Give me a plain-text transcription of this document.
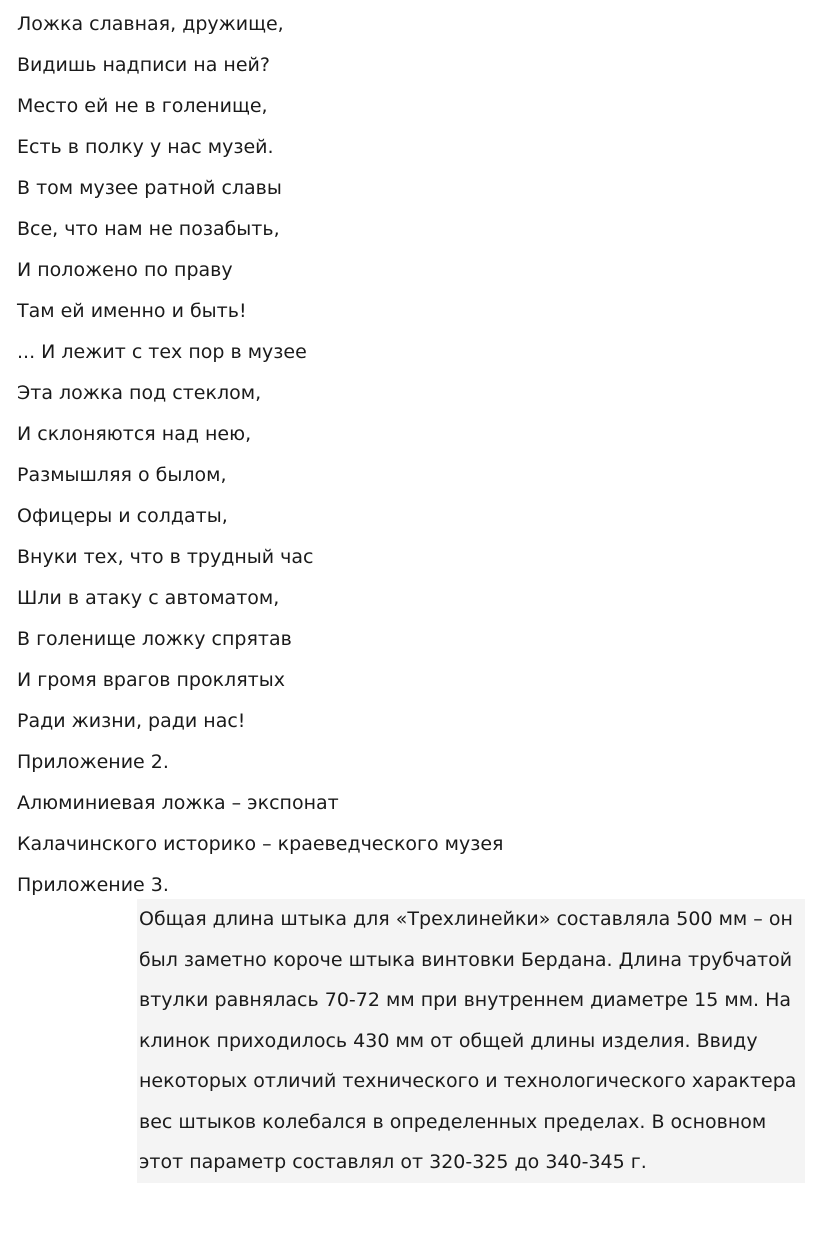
Ложка славная, дружище,
Видишь надписи на ней?
Место ей не в голенище,
Есть в полку у нас музей.
В том музее ратной славы
Все, что нам не позабыть,
И положено по праву
Там ей именно и быть!
... И лежит с тех пор в музее
Эта ложка под стеклом,
И склоняются над нею,
Размышляя о былом,
Офицеры и солдаты,
Внуки тех, что в трудный час
Шли в атаку с автоматом,
В голенище ложку спрятав
И громя врагов проклятых
Ради жизни, ради нас!
Приложение 2.
Алюминиевая ложка – экспонат
Калачинского историко – краеведческого музея
Приложение 3.
Общая длина штыка для «Трехлинейки» составляла 500 мм – он
был заметно короче штыка винтовки Бердана. Длина трубчатой
втулки равнялась 70-72 мм при внутреннем диаметре 15 мм. На
клинок приходилось 430 мм от общей длины изделия. Ввиду
некоторых отличий технического и технологического характера
вес штыков колебался в определенных пределах. В основном
этот параметр составлял от 320-325 до 340-345 г.
